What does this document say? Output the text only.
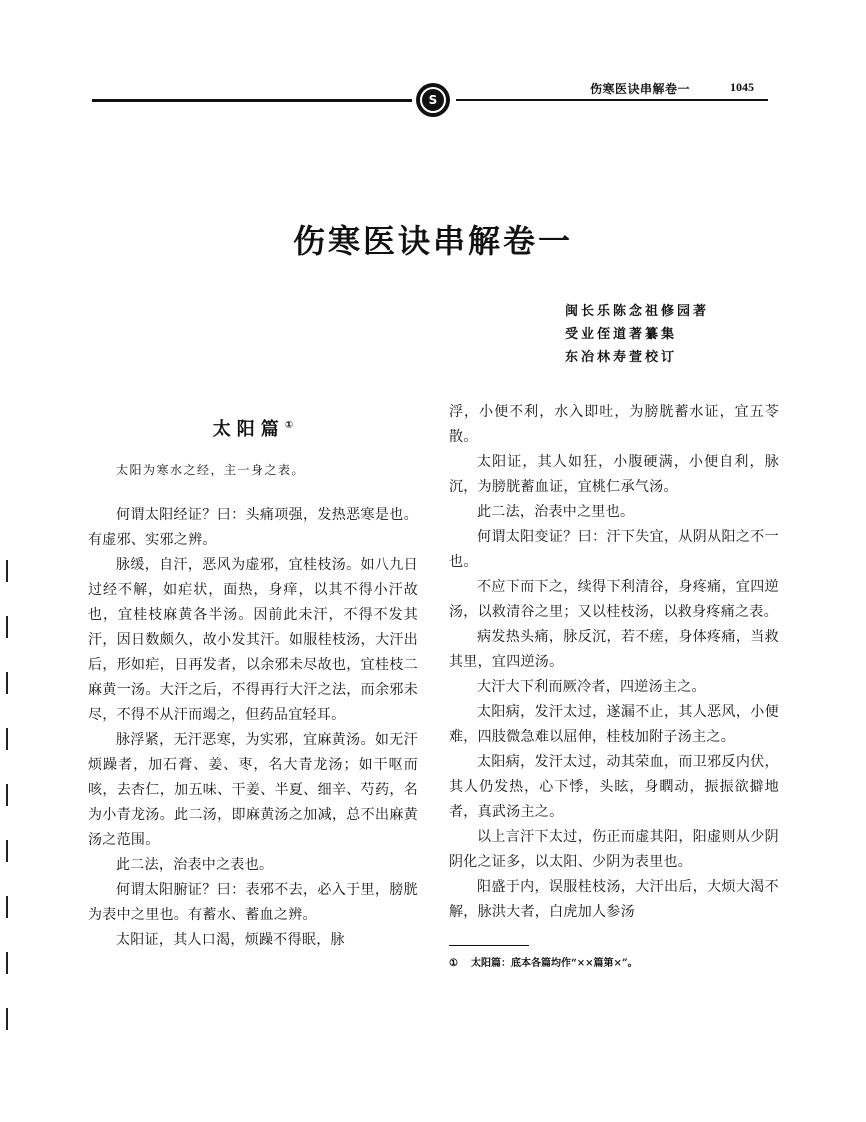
S
伤寒医诀串解卷一	1045
伤寒医诀串解卷一
闽长乐陈念祖修园著
受业侄道著纂集
东冶林寿萱校订
太阳篇①

太阳为寒水之经，主一身之表。

何谓太阳经证？曰：头痛项强，发热恶寒是也。有虚邪、实邪之辨。

脉缓，自汗，恶风为虚邪，宜桂枝汤。如八九日过经不解，如疟状，面热，身痒，以其不得小汗故也，宜桂枝麻黄各半汤。因前此未汗，不得不发其汗，因日数颇久，故小发其汗。如服桂枝汤，大汗出后，形如疟，日再发者，以余邪未尽故也，宜桂枝二麻黄一汤。大汗之后，不得再行大汗之法，而余邪未尽，不得不从汗而竭之，但药品宜轻耳。

脉浮紧，无汗恶寒，为实邪，宜麻黄汤。如无汗烦躁者，加石膏、姜、枣，名大青龙汤；如干呕而咳，去杏仁，加五味、干姜、半夏、细辛、芍药，名为小青龙汤。此二汤，即麻黄汤之加减，总不出麻黄汤之范围。

此二法，治表中之表也。

何谓太阳腑证？曰：表邪不去，必入于里，膀胱为表中之里也。有蓄水、蓄血之辨。

太阳证，其人口渴，烦躁不得眠，脉

浮，小便不利，水入即吐，为膀胱蓄水证，宜五苓散。

太阳证，其人如狂，小腹硬满，小便自利，脉沉，为膀胱蓄血证，宜桃仁承气汤。

此二法，治表中之里也。

何谓太阳变证？曰：汗下失宜，从阴从阳之不一也。

不应下而下之，续得下利清谷，身疼痛，宜四逆汤，以救清谷之里；又以桂枝汤，以救身疼痛之表。

病发热头痛，脉反沉，若不瘥，身体疼痛，当救其里，宜四逆汤。

大汗大下利而厥冷者，四逆汤主之。

太阳病，发汗太过，遂漏不止，其人恶风，小便难，四肢微急难以屈伸，桂枝加附子汤主之。

太阳病，发汗太过，动其荣血，而卫邪反内伏，其人仍发热，心下悸，头眩，身瞤动，振振欲擗地者，真武汤主之。

以上言汗下太过，伤正而虚其阳，阳虚则从少阴阴化之证多，以太阳、少阴为表里也。

阳盛于内，误服桂枝汤，大汗出后，大烦大渴不解，脉洪大者，白虎加人参汤

① 太阳篇：底本各篇均作“××篇第×”。
